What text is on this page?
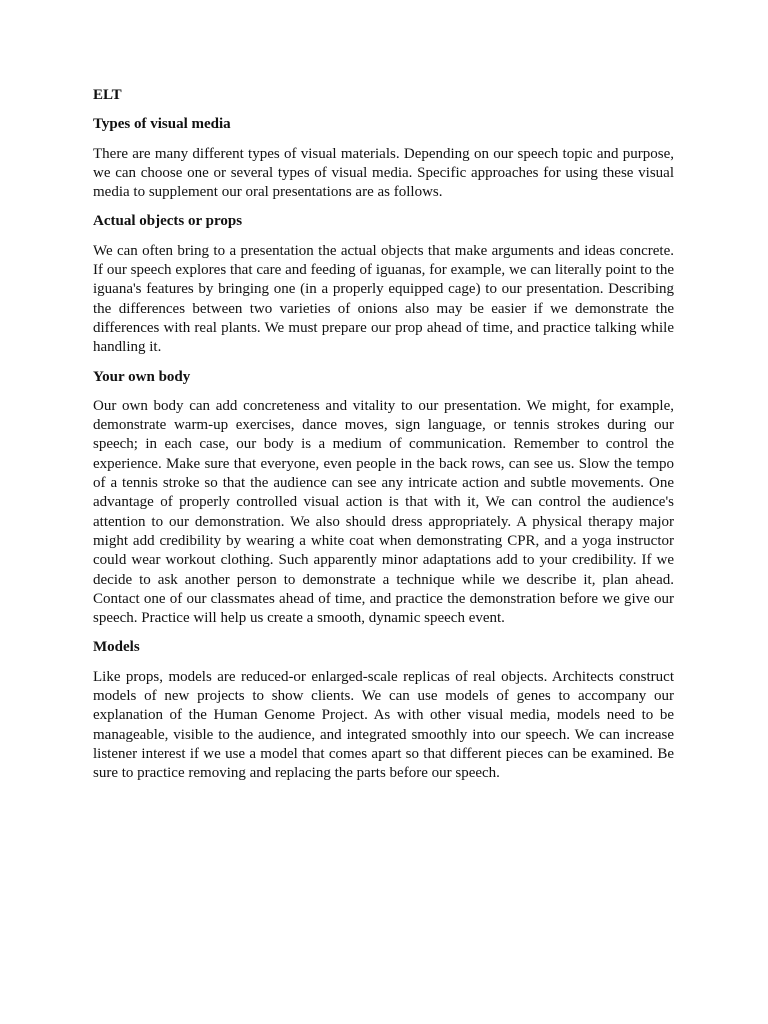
ELT
Types of visual media
There are many different types of visual materials. Depending on our speech topic and purpose, we can choose one or several types of visual media. Specific approaches for using these visual media to supplement our oral presentations are as follows.
Actual objects or props
We can often bring to a presentation the actual objects that make arguments and ideas concrete. If our speech explores that care and feeding of iguanas, for example, we can literally point to the iguana's features by bringing one (in a properly equipped cage) to our presentation. Describing the differences between two varieties of onions also may be easier if we demonstrate the differences with real plants. We must prepare our prop ahead of time, and practice talking while handling it.
Your own body
Our own body can add concreteness and vitality to our presentation. We might, for example, demonstrate warm-up exercises, dance moves, sign language, or tennis strokes during our speech; in each case, our body is a medium of communication. Remember to control the experience. Make sure that everyone, even people in the back rows, can see us. Slow the tempo of a tennis stroke so that the audience can see any intricate action and subtle movements. One advantage of properly controlled visual action is that with it, We can control the audience's attention to our demonstration. We also should dress appropriately. A physical therapy major might add credibility by wearing a white coat when demonstrating CPR, and a yoga instructor could wear workout clothing. Such apparently minor adaptations add to your credibility. If we decide to ask another person to demonstrate a technique while we describe it, plan ahead. Contact one of our classmates ahead of time, and practice the demonstration before we give our speech. Practice will help us create a smooth, dynamic speech event.
Models
Like props, models are reduced-or enlarged-scale replicas of real objects. Architects construct models of new projects to show clients. We can use models of genes to accompany our explanation of the Human Genome Project. As with other visual media, models need to be manageable, visible to the audience, and integrated smoothly into our speech. We can increase listener interest if we use a model that comes apart so that different pieces can be examined. Be sure to practice removing and replacing the parts before our speech.
